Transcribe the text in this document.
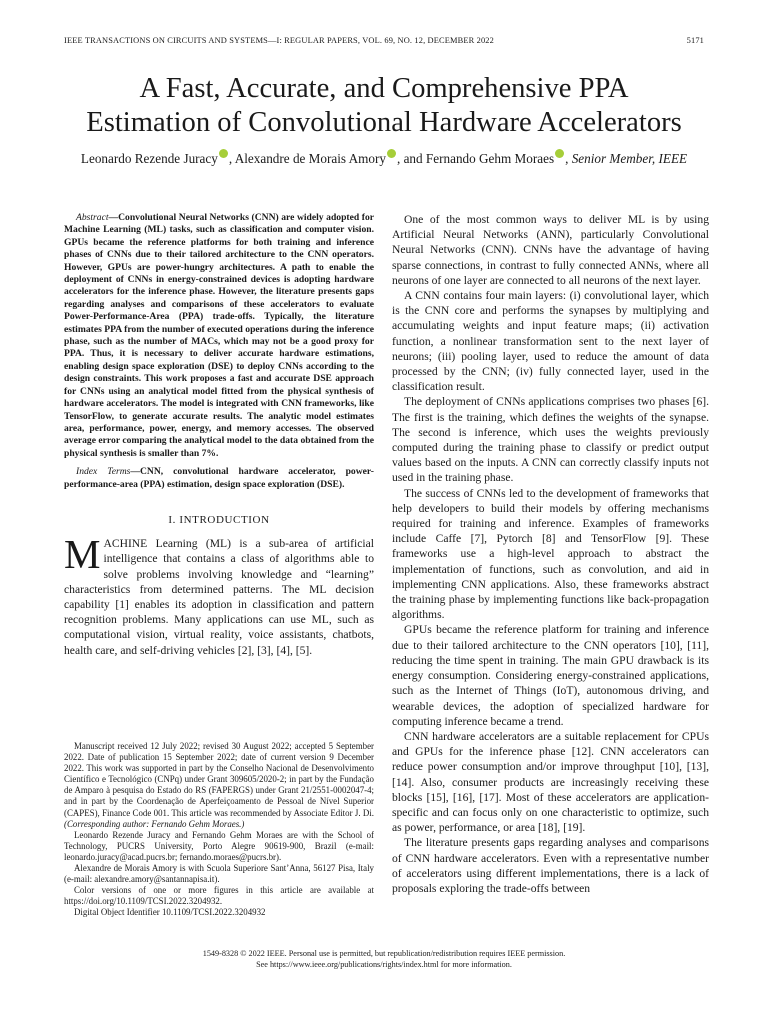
IEEE TRANSACTIONS ON CIRCUITS AND SYSTEMS—I: REGULAR PAPERS, VOL. 69, NO. 12, DECEMBER 2022	5171
A Fast, Accurate, and Comprehensive PPA
Estimation of Convolutional Hardware Accelerators
Leonardo Rezende Juracy , Alexandre de Morais Amory , and Fernando Gehm Moraes , Senior Member, IEEE

Abstract—Convolutional Neural Networks (CNN) are widely adopted for Machine Learning (ML) tasks, such as classification and computer vision. GPUs became the reference platforms for both training and inference phases of CNNs due to their tailored architecture to the CNN operators. However, GPUs are power-hungry architectures. A path to enable the deployment of CNNs in energy-constrained devices is adopting hardware accelerators for the inference phase. However, the literature presents gaps regarding analyses and comparisons of these accelerators to evaluate Power-Performance-Area (PPA) trade-offs. Typically, the literature estimates PPA from the number of executed operations during the inference phase, such as the number of MACs, which may not be a good proxy for PPA. Thus, it is necessary to deliver accurate hardware estimations, enabling design space exploration (DSE) to deploy CNNs according to the design constraints. This work proposes a fast and accurate DSE approach for CNNs using an analytical model fitted from the physical synthesis of hardware accelerators. The model is integrated with CNN frameworks, like TensorFlow, to generate accurate results. The analytic model estimates area, performance, power, energy, and memory accesses. The observed average error comparing the analytical model to the data obtained from the physical synthesis is smaller than 7%.

Index Terms—CNN, convolutional hardware accelerator, power-performance-area (PPA) estimation, design space exploration (DSE).

I. INTRODUCTION

MACHINE Learning (ML) is a sub-area of artificial intelligence that contains a class of algorithms able to solve problems involving knowledge and “learning” characteristics from determined patterns. The ML decision capability [1] enables its adoption in classification and pattern recognition problems. Many applications can use ML, such as computational vision, virtual reality, voice assistants, chatbots, health care, and self-driving vehicles [2], [3], [4], [5].

Manuscript received 12 July 2022; revised 30 August 2022; accepted 5 September 2022. Date of publication 15 September 2022; date of current version 9 December 2022. This work was supported in part by the Conselho Nacional de Desenvolvimento Científico e Tecnológico (CNPq) under Grant 309605/2020-2; in part by the Fundação de Amparo à pesquisa do Estado do RS (FAPERGS) under Grant 21/2551-0002047-4; and in part by the Coordenação de Aperfeiçoamento de Pessoal de Nível Superior (CAPES), Finance Code 001. This article was recommended by Associate Editor J. Di. (Corresponding author: Fernando Gehm Moraes.)

Leonardo Rezende Juracy and Fernando Gehm Moraes are with the School of Technology, PUCRS University, Porto Alegre 90619-900, Brazil (e-mail: leonardo.juracy@acad.pucrs.br; fernando.moraes@pucrs.br).

Alexandre de Morais Amory is with Scuola Superiore Sant’Anna, 56127 Pisa, Italy (e-mail: alexandre.amory@santannapisa.it).

Color versions of one or more figures in this article are available at https://doi.org/10.1109/TCSI.2022.3204932.

Digital Object Identifier 10.1109/TCSI.2022.3204932

One of the most common ways to deliver ML is by using Artificial Neural Networks (ANN), particularly Convolutional Neural Networks (CNN). CNNs have the advantage of having sparse connections, in contrast to fully connected ANNs, where all neurons of one layer are connected to all neurons of the next layer.

A CNN contains four main layers: (i) convolutional layer, which is the CNN core and performs the synapses by multiplying and accumulating weights and input feature maps; (ii) activation function, a nonlinear transformation sent to the next layer of neurons; (iii) pooling layer, used to reduce the amount of data processed by the CNN; (iv) fully connected layer, used in the classification result.

The deployment of CNNs applications comprises two phases [6]. The first is the training, which defines the weights of the synapse. The second is inference, which uses the weights previously computed during the training phase to classify or predict output values based on the inputs. A CNN can correctly classify inputs not used in the training phase.

The success of CNNs led to the development of frameworks that help developers to build their models by offering mechanisms required for training and inference. Examples of frameworks include Caffe [7], Pytorch [8] and TensorFlow [9]. These frameworks use a high-level approach to abstract the implementation of functions, such as convolution, and aid in implementing CNN applications. Also, these frameworks abstract the training phase by implementing functions like back-propagation algorithms.

GPUs became the reference platform for training and inference due to their tailored architecture to the CNN operators [10], [11], reducing the time spent in training. The main GPU drawback is its energy consumption. Considering energy-constrained applications, such as the Internet of Things (IoT), autonomous driving, and wearable devices, the adoption of specialized hardware for computing inference became a trend.

CNN hardware accelerators are a suitable replacement for CPUs and GPUs for the inference phase [12]. CNN accelerators can reduce power consumption and/or improve throughput [10], [13], [14]. Also, consumer products are increasingly receiving these blocks [15], [16], [17]. Most of these accelerators are application-specific and can focus only on one characteristic to optimize, such as power, performance, or area [18], [19].

The literature presents gaps regarding analyses and comparisons of CNN hardware accelerators. Even with a representative number of accelerators using different implementations, there is a lack of proposals exploring the trade-offs between

1549-8328 © 2022 IEEE. Personal use is permitted, but republication/redistribution requires IEEE permission.
See https://www.ieee.org/publications/rights/index.html for more information.
